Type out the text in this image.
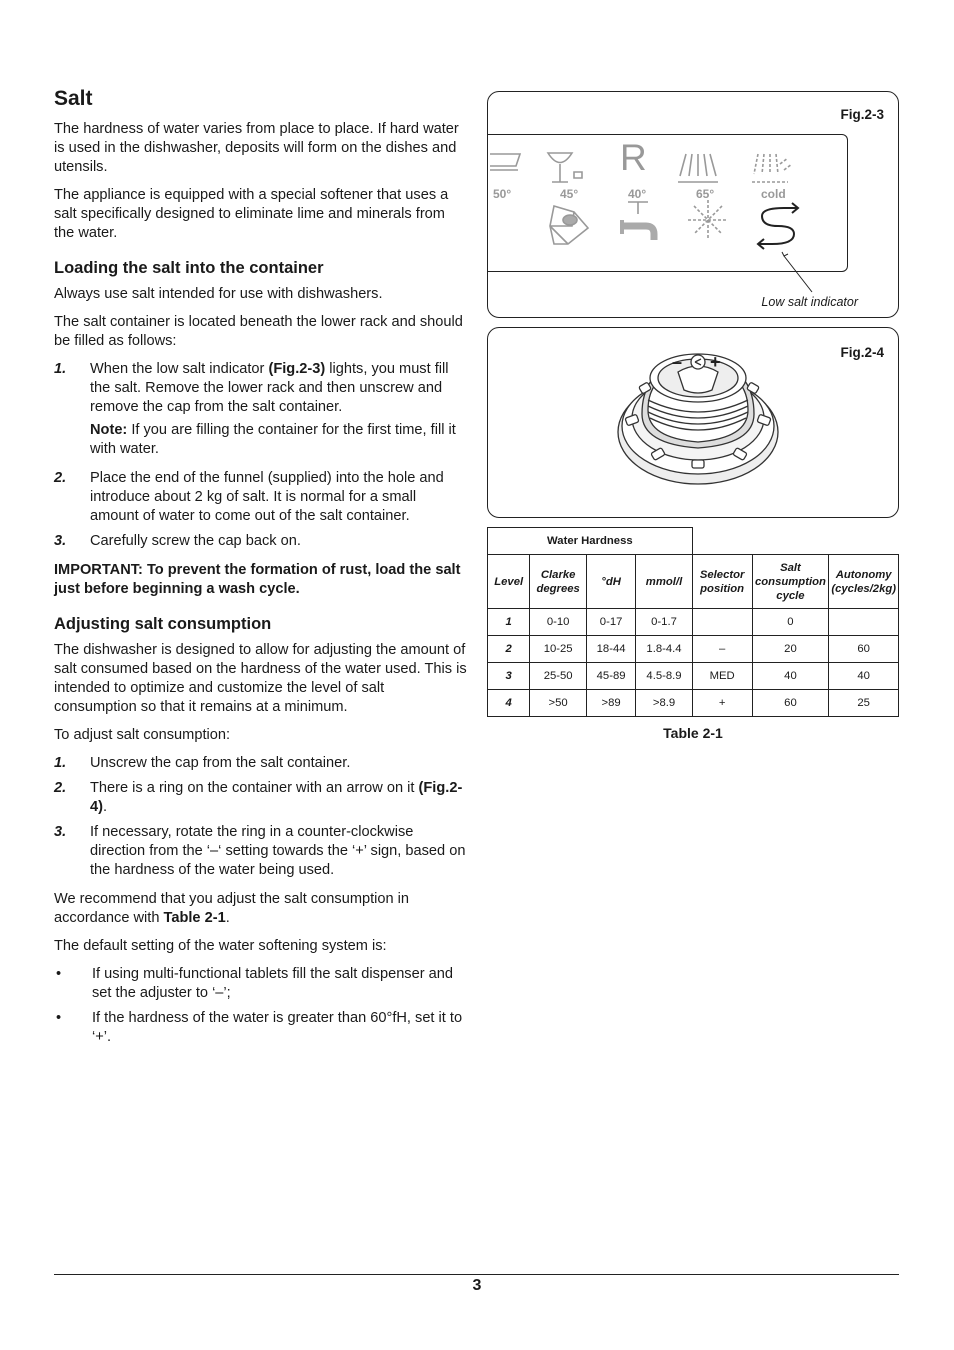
Salt

The hardness of water varies from place to place. If hard water is used in the dishwasher, deposits will form on the dishes and utensils.

The appliance is equipped with a special softener that uses a salt specifically designed to eliminate lime and minerals from the water.

Loading the salt into the container

Always use salt intended for use with dishwashers.

The salt container is located beneath the lower rack and should be filled as follows:

1.	When the low salt indicator (Fig.2-3) lights, you must fill the salt. Remove the lower rack and then unscrew and remove the cap from the salt container.

Note: If you are filling the container for the first time, fill it with water.

2.	Place the end of the funnel (supplied) into the hole and introduce about 2 kg of salt. It is normal for a small amount of water to come out of the salt container.
3.	Carefully screw the cap back on.

IMPORTANT: To prevent the formation of rust, load the salt just before beginning a wash cycle.

Adjusting salt consumption

The dishwasher is designed to allow for adjusting the amount of salt consumed based on the hardness of the water used. This is intended to optimize and customize the level of salt consumption so that it remains at a minimum.

To adjust salt consumption:

1.	Unscrew the cap from the salt container.
2.	There is a ring on the container with an arrow on it (Fig.2-4).
3.	If necessary, rotate the ring in a counter-clockwise direction from the ‘–‘ setting towards the ‘+’ sign, based on the hardness of the water being used.

We recommend that you adjust the salt consumption in accordance with Table 2-1.

The default setting of the water softening system is:

•	If using multi-functional tablets fill the salt dispenser and set the adjuster to ‘–’;
•	If the hardness of the water is greater than 60°fH, set it to ‘+’.
Fig.2-3
R
50°	45°	40°	65°	cold
Low salt indicator
Fig.2-4
– +
Water Hardness						
Level	Clarke degrees	°dH	mmol/l	Selector position	Salt consumption cycle	Autonomy (cycles/2kg)
1	0-10	0-17	0-1.7		0	
2	10-25	18-44	1.8-4.4	–	20	60
3	25-50	45-89	4.5-8.9	MED	40	40
4	>50	>89	>8.9	+	60	25
Table 2-1
3
